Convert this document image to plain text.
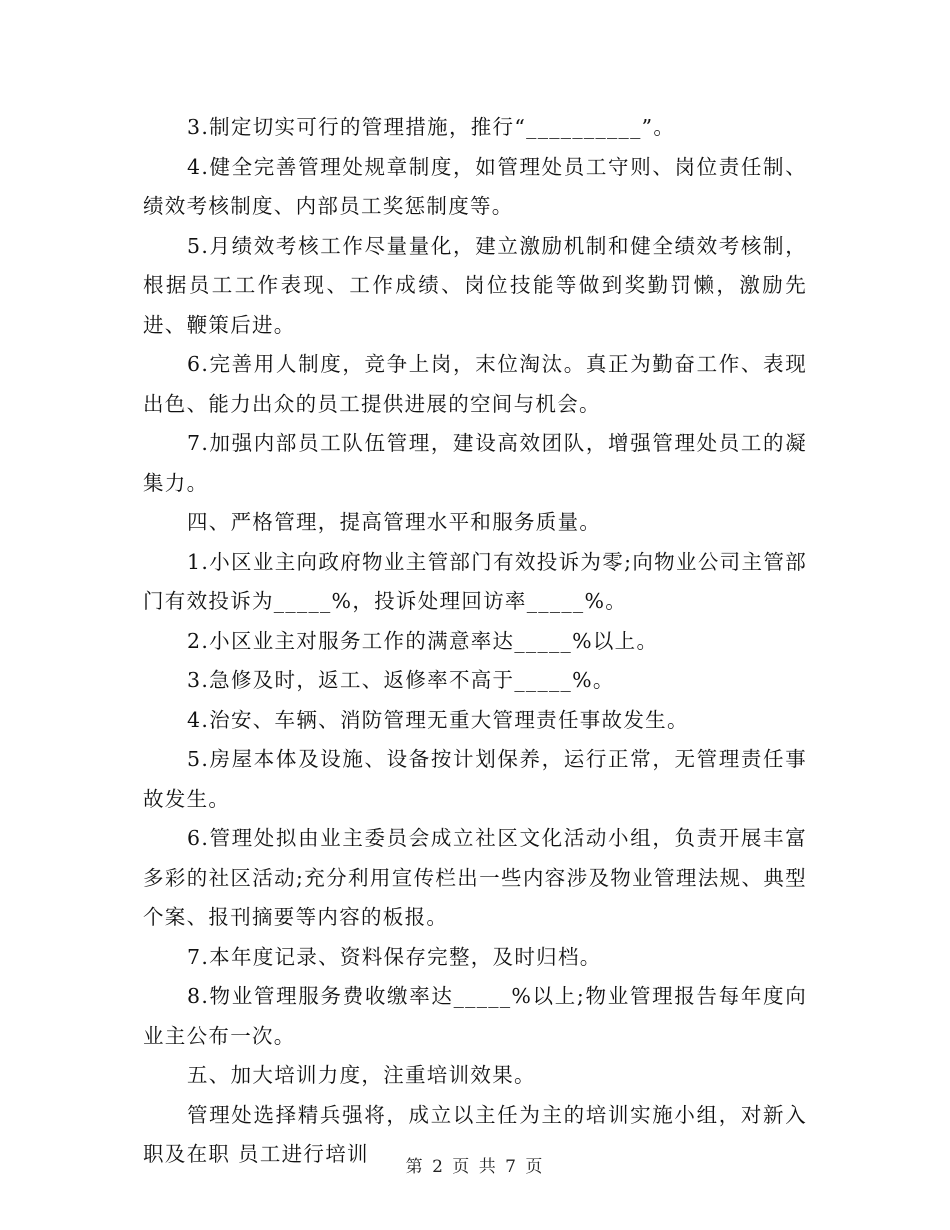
3.制定切实可行的管理措施，推行“__________”。

4.健全完善管理处规章制度，如管理处员工守则、岗位责任制、绩效考核制度、内部员工奖惩制度等。

5.月绩效考核工作尽量量化，建立激励机制和健全绩效考核制，根据员工工作表现、工作成绩、岗位技能等做到奖勤罚懒，激励先进、鞭策后进。

6.完善用人制度，竞争上岗，末位淘汰。真正为勤奋工作、表现出色、能力出众的员工提供进展的空间与机会。

7.加强内部员工队伍管理，建设高效团队，增强管理处员工的凝集力。

四、严格管理，提高管理水平和服务质量。

1.小区业主向政府物业主管部门有效投诉为零;向物业公司主管部门有效投诉为_____%，投诉处理回访率_____%。

2.小区业主对服务工作的满意率达_____%以上。

3.急修及时，返工、返修率不高于_____%。

4.治安、车辆、消防管理无重大管理责任事故发生。

5.房屋本体及设施、设备按计划保养，运行正常，无管理责任事故发生。

6.管理处拟由业主委员会成立社区文化活动小组，负责开展丰富多彩的社区活动;充分利用宣传栏出一些内容涉及物业管理法规、典型个案、报刊摘要等内容的板报。

7.本年度记录、资料保存完整，及时归档。

8.物业管理服务费收缴率达_____%以上;物业管理报告每年度向业主公布一次。

五、加大培训力度，注重培训效果。

管理处选择精兵强将，成立以主任为主的培训实施小组，对新入职及在职 员工进行培训

第 2 页 共 7 页
